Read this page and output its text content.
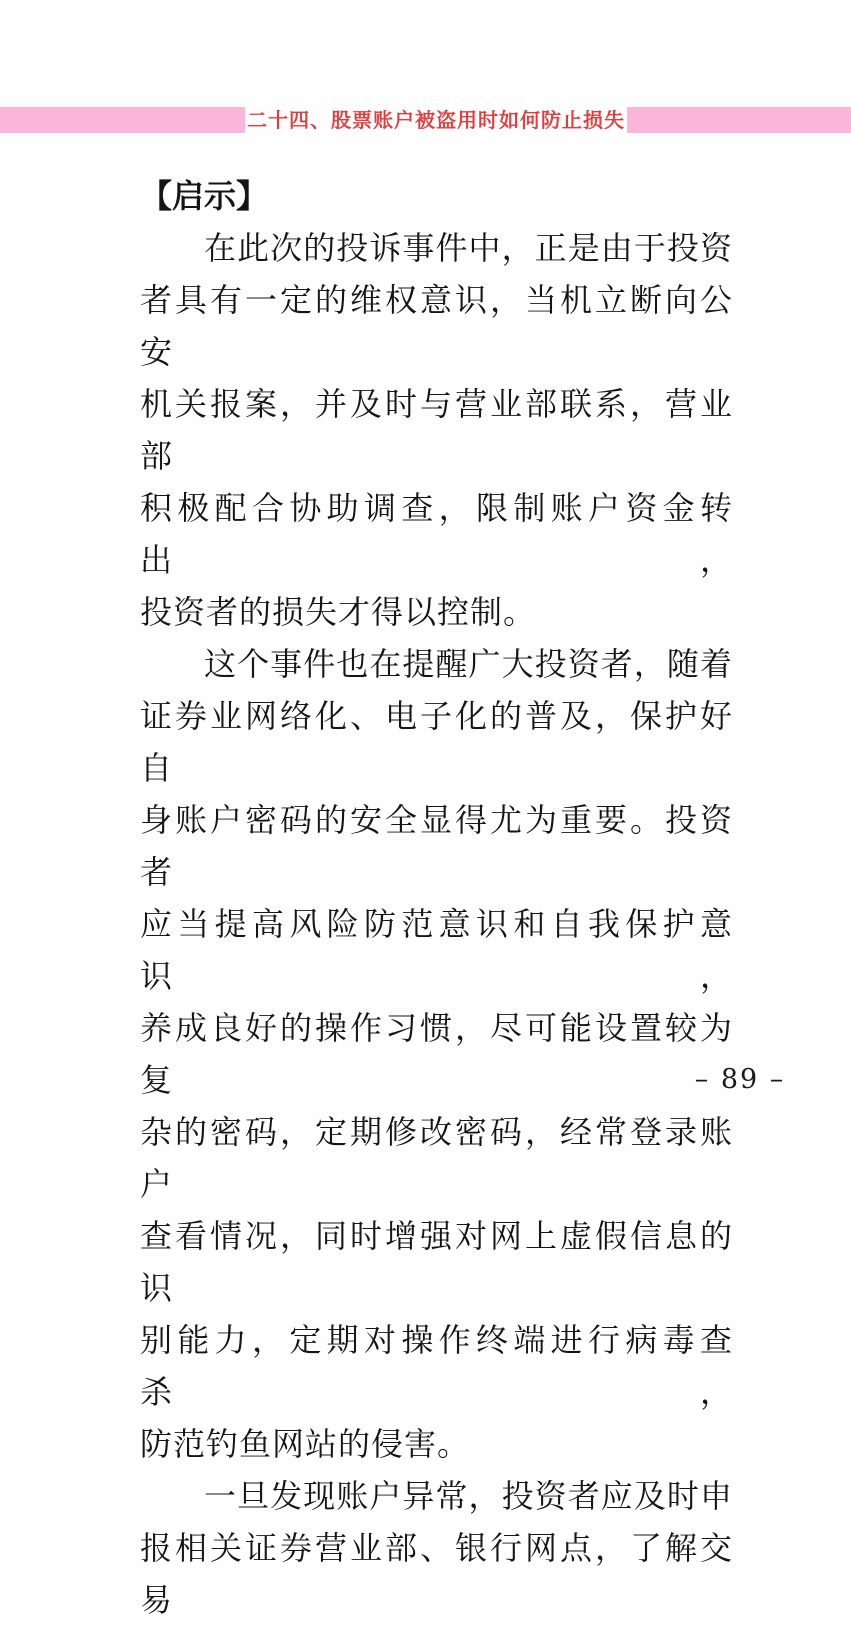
二十四、股票账户被盗用时如何防止损失
【启示】
在此次的投诉事件中，正是由于投资
者具有一定的维权意识，当机立断向公安
机关报案，并及时与营业部联系，营业部
积极配合协助调查，限制账户资金转出，
投资者的损失才得以控制。
这个事件也在提醒广大投资者，随着
证券业网络化、电子化的普及，保护好自
身账户密码的安全显得尤为重要。投资者
应当提高风险防范意识和自我保护意识，
养成良好的操作习惯，尽可能设置较为复
杂的密码，定期修改密码，经常登录账户
查看情况，同时增强对网上虚假信息的识
别能力，定期对操作终端进行病毒查杀，
防范钓鱼网站的侵害。
一旦发现账户异常，投资者应及时申
报相关证券营业部、银行网点，了解交易
– 89 –
